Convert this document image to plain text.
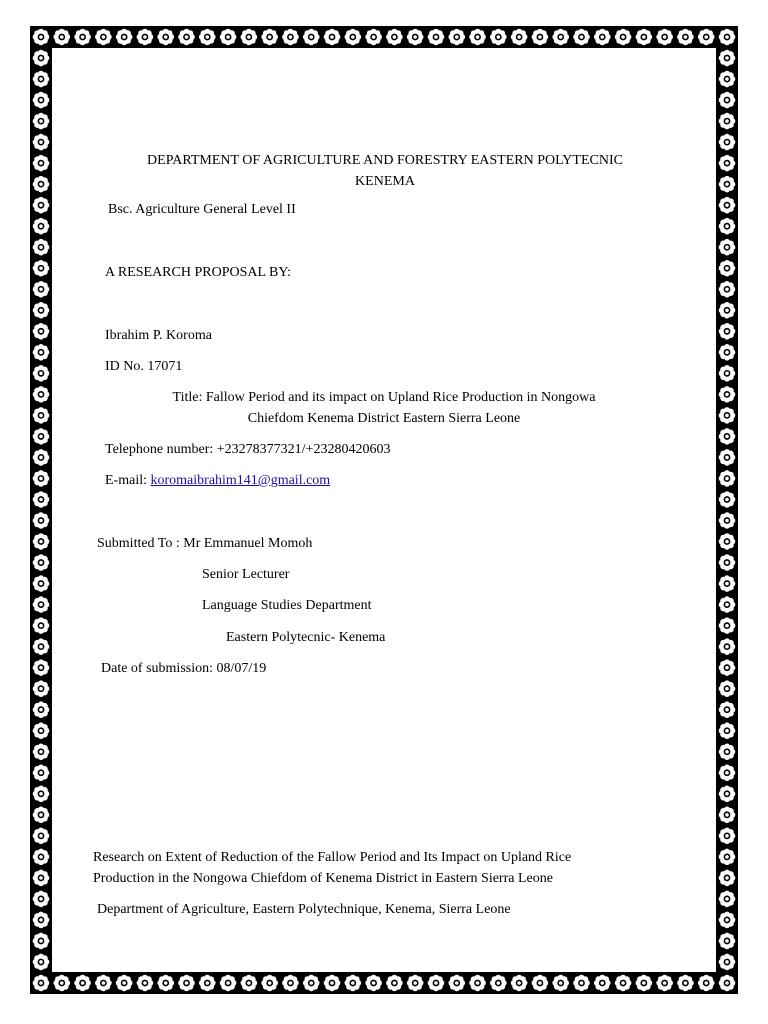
DEPARTMENT OF AGRICULTURE AND FORESTRY EASTERN POLYTECNIC
KENEMA
Bsc. Agriculture General Level II
A RESEARCH PROPOSAL BY:
Ibrahim P. Koroma
ID No. 17071
Title: Fallow Period and its impact on Upland Rice Production in Nongowa
Chiefdom Kenema District Eastern Sierra Leone
Telephone number: +23278377321/+23280420603
E-mail: koromaibrahim141@gmail.com
Submitted To : Mr Emmanuel Momoh
Senior Lecturer
Language Studies Department
Eastern Polytecnic- Kenema
Date of submission: 08/07/19
Research on Extent of Reduction of the Fallow Period and Its Impact on Upland Rice
Production in the Nongowa Chiefdom of Kenema District in Eastern Sierra Leone
Department of Agriculture, Eastern Polytechnique, Kenema, Sierra Leone
